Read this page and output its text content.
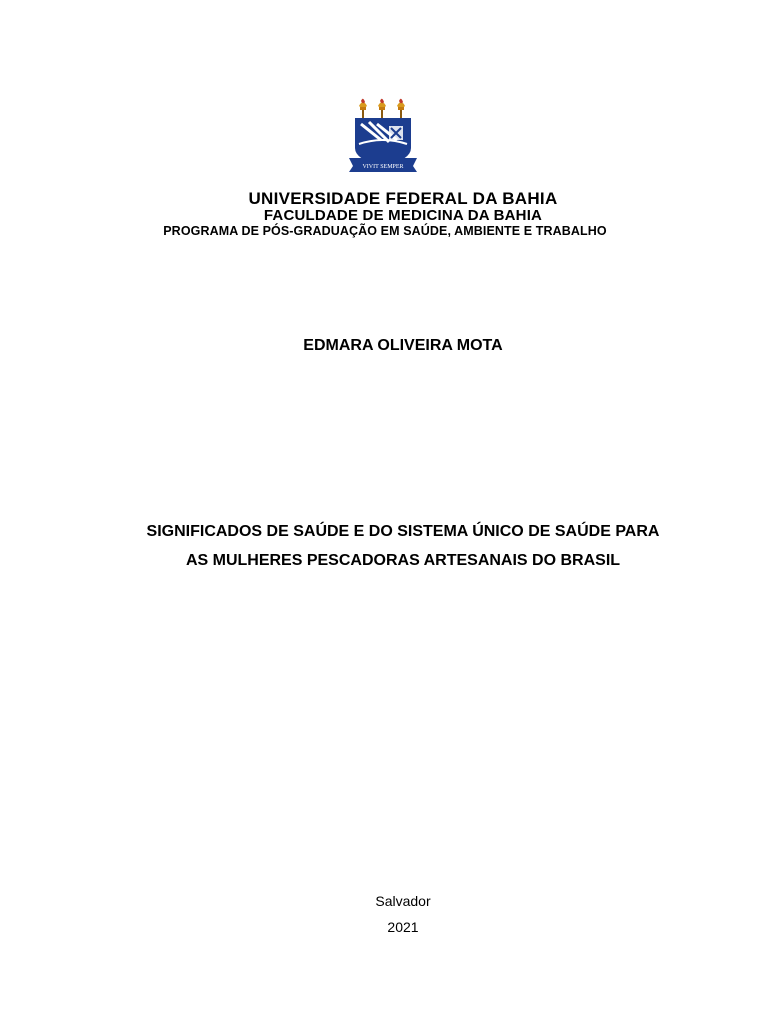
VIVIT SEMPER
UNIVERSIDADE FEDERAL DA BAHIA
FACULDADE DE MEDICINA DA BAHIA
PROGRAMA DE PÓS-GRADUAÇÃO EM SAÚDE, AMBIENTE E TRABALHO
EDMARA OLIVEIRA MOTA
SIGNIFICADOS DE SAÚDE E DO SISTEMA ÚNICO DE SAÚDE PARA
AS MULHERES PESCADORAS ARTESANAIS DO BRASIL
Salvador
2021
